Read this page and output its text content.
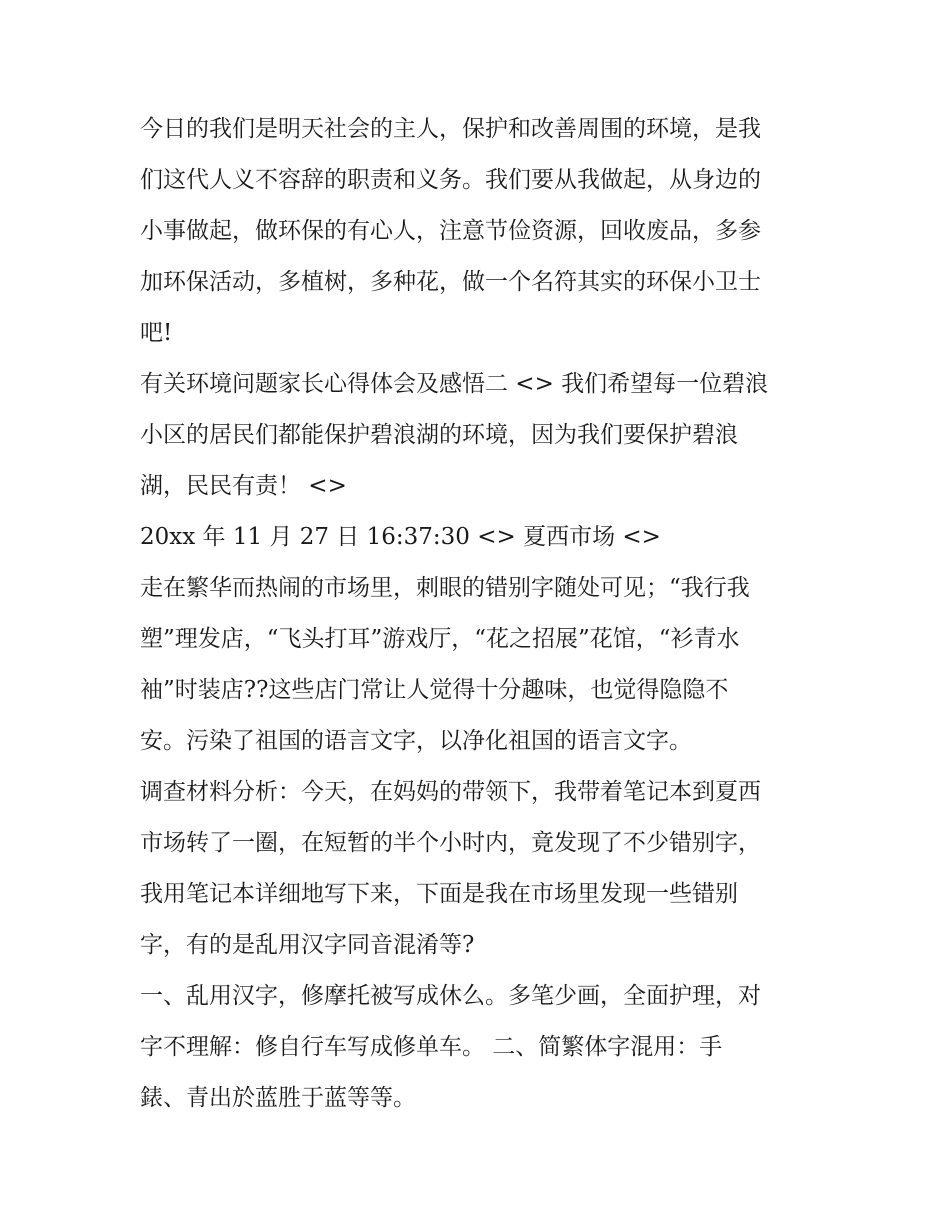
今日的我们是明天社会的主人，保护和改善周围的环境，是我
们这代人义不容辞的职责和义务。我们要从我做起，从身边的
小事做起，做环保的有心人，注意节俭资源，回收废品，多参
加环保活动，多植树，多种花，做一个名符其实的环保小卫士
吧!
有关环境问题家长心得体会及感悟二 <> 我们希望每一位碧浪
小区的居民们都能保护碧浪湖的环境，因为我们要保护碧浪
湖，民民有责！ <>
20xx 年 11 月 27 日 16:37:30 <> 夏西市场 <>
走在繁华而热闹的市场里，刺眼的错别字随处可见；“我行我
塑”理发店，“飞头打耳”游戏厅，“花之招展”花馆，“衫青水
袖”时装店??这些店门常让人觉得十分趣味，也觉得隐隐不
安。污染了祖国的语言文字，以净化祖国的语言文字。
调查材料分析：今天，在妈妈的带领下，我带着笔记本到夏西
市场转了一圈，在短暂的半个小时内，竟发现了不少错别字，
我用笔记本详细地写下来，下面是我在市场里发现一些错别
字，有的是乱用汉字同音混淆等?
一、乱用汉字，修摩托被写成休么。多笔少画，全面护理，对
字不理解：修自行车写成修单车。 二、简繁体字混用：手
錶、青出於蓝胜于蓝等等。
